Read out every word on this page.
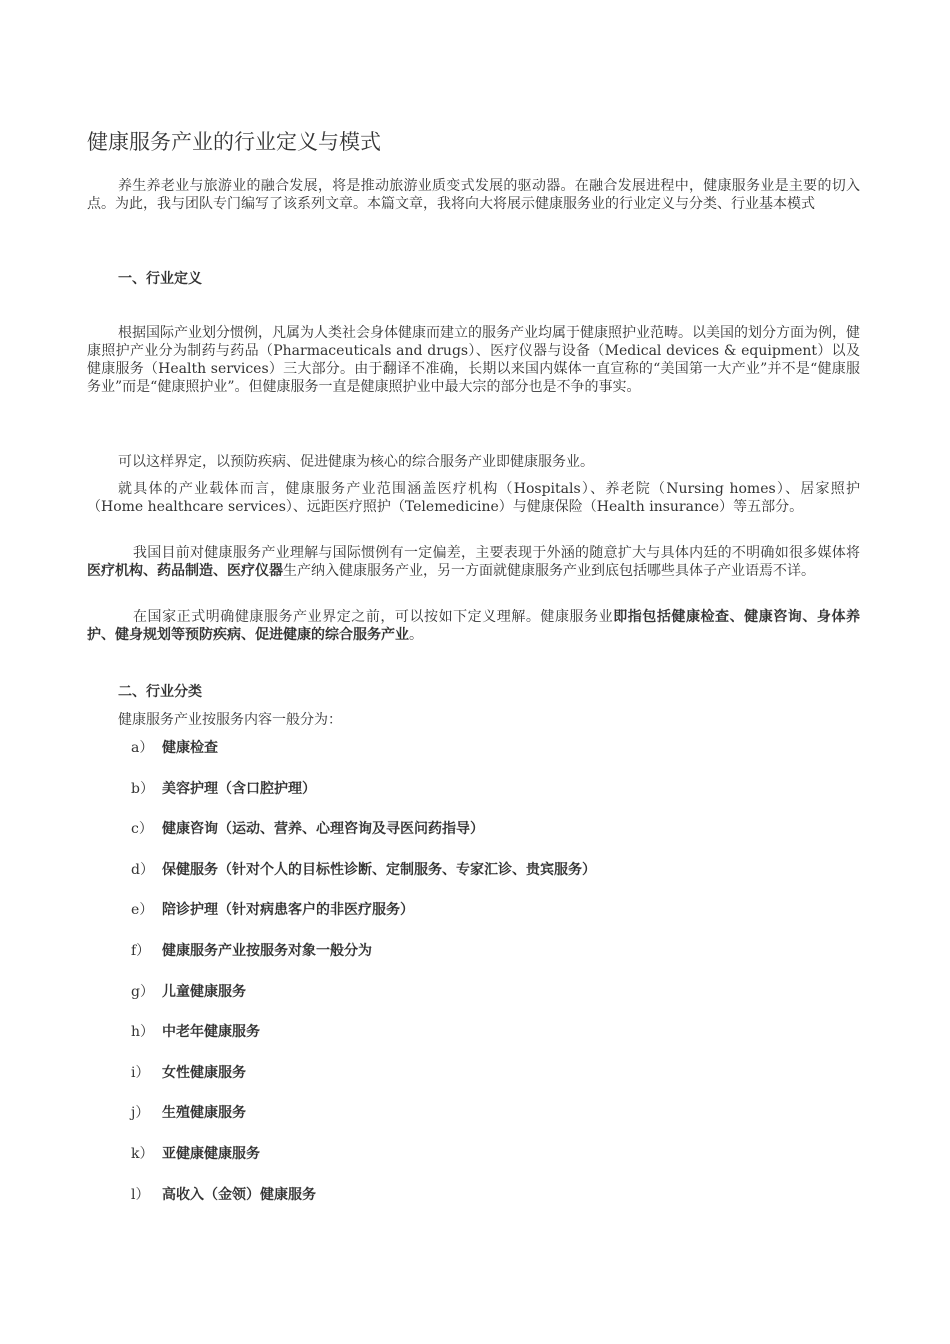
健康服务产业的行业定义与模式

养生养老业与旅游业的融合发展，将是推动旅游业质变式发展的驱动器。在融合发展进程中，健康服务业是主要的切入点。为此，我与团队专门编写了该系列文章。本篇文章，我将向大将展示健康服务业的行业定义与分类、行业基本模式

一、行业定义

根据国际产业划分惯例，凡属为人类社会身体健康而建立的服务产业均属于健康照护业范畴。以美国的划分方面为例，健康照护产业分为制药与药品（Pharmaceuticals and drugs）、医疗仪器与设备（Medical devices & equipment）以及健康服务（Health services）三大部分。由于翻译不准确，长期以来国内媒体一直宣称的“美国第一大产业”并不是“健康服务业”而是“健康照护业”。但健康服务一直是健康照护业中最大宗的部分也是不争的事实。

可以这样界定，以预防疾病、促进健康为核心的综合服务产业即健康服务业。

就具体的产业载体而言，健康服务产业范围涵盖医疗机构（Hospitals）、养老院（Nursing homes）、居家照护（Home healthcare services）、远距医疗照护（Telemedicine）与健康保险（Health insurance）等五部分。

我国目前对健康服务产业理解与国际惯例有一定偏差，主要表现于外涵的随意扩大与具体内廷的不明确如很多媒体将医疗机构、药品制造、医疗仪器生产纳入健康服务产业，另一方面就健康服务产业到底包括哪些具体子产业语焉不详。

在国家正式明确健康服务产业界定之前，可以按如下定义理解。健康服务业即指包括健康检查、健康咨询、身体养护、健身规划等预防疾病、促进健康的综合服务产业。

二、行业分类

健康服务产业按服务内容一般分为：

a） 健康检查

b） 美容护理（含口腔护理）

c） 健康咨询（运动、营养、心理咨询及寻医问药指导）

d） 保健服务（针对个人的目标性诊断、定制服务、专家汇诊、贵宾服务）

e） 陪诊护理（针对病患客户的非医疗服务）

f） 健康服务产业按服务对象一般分为

g） 儿童健康服务

h） 中老年健康服务

i） 女性健康服务

j） 生殖健康服务

k） 亚健康健康服务

l） 高收入（金领）健康服务
